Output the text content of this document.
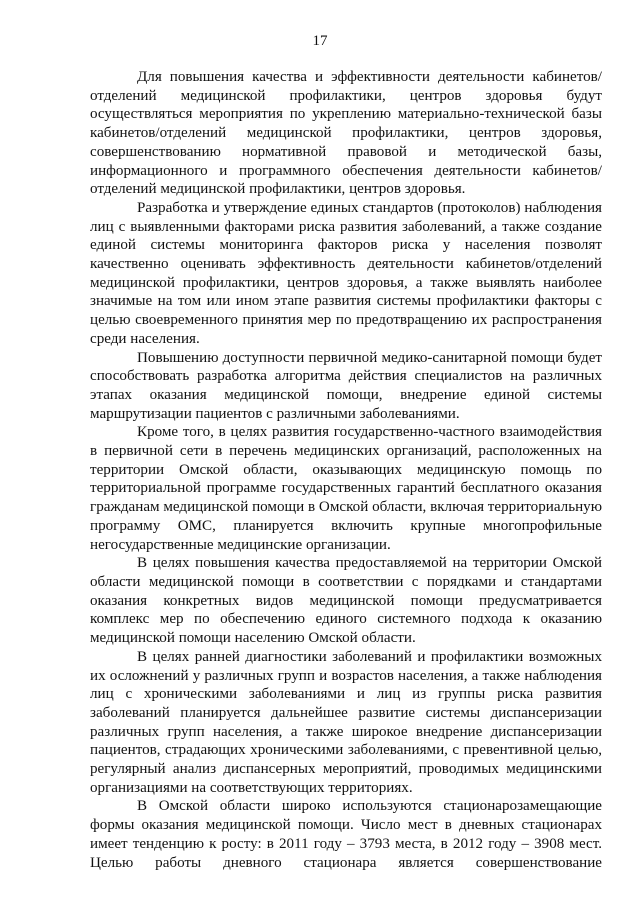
17

Для повышения качества и эффективности деятельности кабинетов/отделений медицинской профилактики, центров здоровья будут осуществляться мероприятия по укреплению материально-технической базы кабинетов/отделений медицинской профилактики, центров здоровья, совершенствованию нормативной правовой и методической базы, информационного и программного обеспечения деятельности кабинетов/отделений медицинской профилактики, центров здоровья.

Разработка и утверждение единых стандартов (протоколов) наблюдения лиц с выявленными факторами риска развития заболеваний, а также создание единой системы мониторинга факторов риска у населения позволят качественно оценивать эффективность деятельности кабинетов/отделений медицинской профилактики, центров здоровья, а также выявлять наиболее значимые на том или ином этапе развития системы профилактики факторы с целью своевременного принятия мер по предотвращению их распространения среди населения.

Повышению доступности первичной медико-санитарной помощи будет способствовать разработка алгоритма действия специалистов на различных этапах оказания медицинской помощи, внедрение единой системы маршрутизации пациентов с различными заболеваниями.

Кроме того, в целях развития государственно-частного взаимодействия в первичной сети в перечень медицинских организаций, расположенных на территории Омской области, оказывающих медицинскую помощь по территориальной программе государственных гарантий бесплатного оказания гражданам медицинской помощи в Омской области, включая территориальную программу ОМС, планируется включить крупные многопрофильные негосударственные медицинские организации.

В целях повышения качества предоставляемой на территории Омской области медицинской помощи в соответствии с порядками и стандартами оказания конкретных видов медицинской помощи предусматривается комплекс мер по обеспечению единого системного подхода к оказанию медицинской помощи населению Омской области.

В целях ранней диагностики заболеваний и профилактики возможных их осложнений у различных групп и возрастов населения, а также наблюдения лиц с хроническими заболеваниями и лиц из группы риска развития заболеваний планируется дальнейшее развитие системы диспансеризации различных групп населения, а также широкое внедрение диспансеризации пациентов, страдающих хроническими заболеваниями, с превентивной целью, регулярный анализ диспансерных мероприятий, проводимых медицинскими организациями на соответствующих территориях.

В Омской области широко используются стационарозамещающие формы оказания медицинской помощи. Число мест в дневных стационарах имеет тенденцию к росту: в 2011 году – 3793 места, в 2012 году – 3908 мест. Целью работы дневного стационара является совершенствование
